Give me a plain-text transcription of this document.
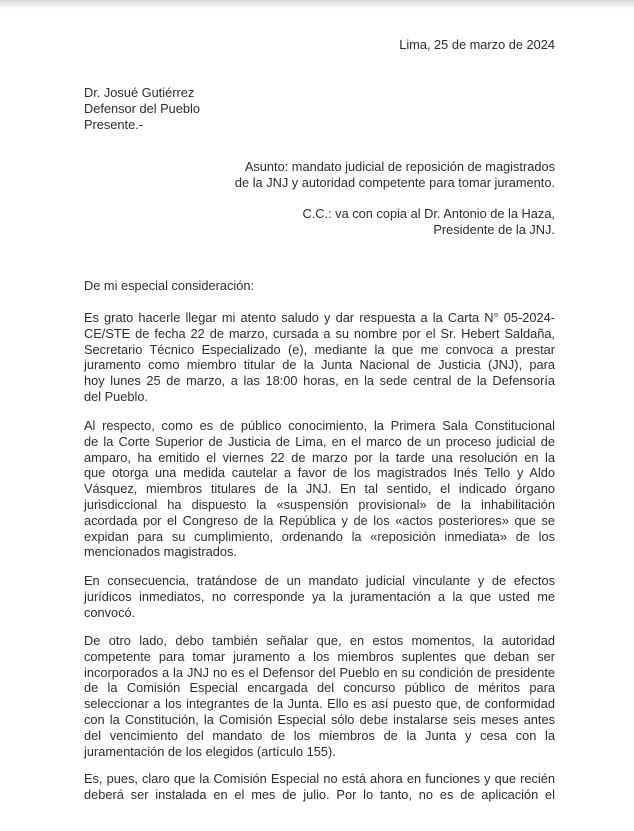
Lima, 25 de marzo de 2024
Dr. Josué Gutiérrez
Defensor del Pueblo
Presente.-
Asunto: mandato judicial de reposición de magistrados
de la JNJ y autoridad competente para tomar juramento.
C.C.: va con copia al Dr. Antonio de la Haza,
Presidente de la JNJ.
De mi especial consideración:
Es grato hacerle llegar mi atento saludo y dar respuesta a la Carta N° 05-2024-
CE/STE de fecha 22 de marzo, cursada a su nombre por el Sr. Hebert Saldaña,
Secretario Técnico Especializado (e), mediante la que me convoca a prestar
juramento como miembro titular de la Junta Nacional de Justicia (JNJ), para
hoy lunes 25 de marzo, a las 18:00 horas, en la sede central de la Defensoría
del Pueblo.
Al respecto, como es de público conocimiento, la Primera Sala Constitucional
de la Corte Superior de Justicia de Lima, en el marco de un proceso judicial de
amparo, ha emitido el viernes 22 de marzo por la tarde una resolución en la
que otorga una medida cautelar a favor de los magistrados Inés Tello y Aldo
Vásquez, miembros titulares de la JNJ. En tal sentido, el indicado órgano
jurisdiccional ha dispuesto la «suspensión provisional» de la inhabilitación
acordada por el Congreso de la República y de los «actos posteriores» que se
expidan para su cumplimiento, ordenando la «reposición inmediata» de los
mencionados magistrados.
En consecuencia, tratándose de un mandato judicial vinculante y de efectos
jurídicos inmediatos, no corresponde ya la juramentación a la que usted me
convocó.
De otro lado, debo también señalar que, en estos momentos, la autoridad
competente para tomar juramento a los miembros suplentes que deban ser
incorporados a la JNJ no es el Defensor del Pueblo en su condición de presidente
de la Comisión Especial encargada del concurso público de méritos para
seleccionar a los integrantes de la Junta. Ello es así puesto que, de conformidad
con la Constitución, la Comisión Especial sólo debe instalarse seis meses antes
del vencimiento del mandato de los miembros de la Junta y cesa con la
juramentación de los elegidos (artículo 155).
Es, pues, claro que la Comisión Especial no está ahora en funciones y que recién
deberá ser instalada en el mes de julio. Por lo tanto, no es de aplicación el
